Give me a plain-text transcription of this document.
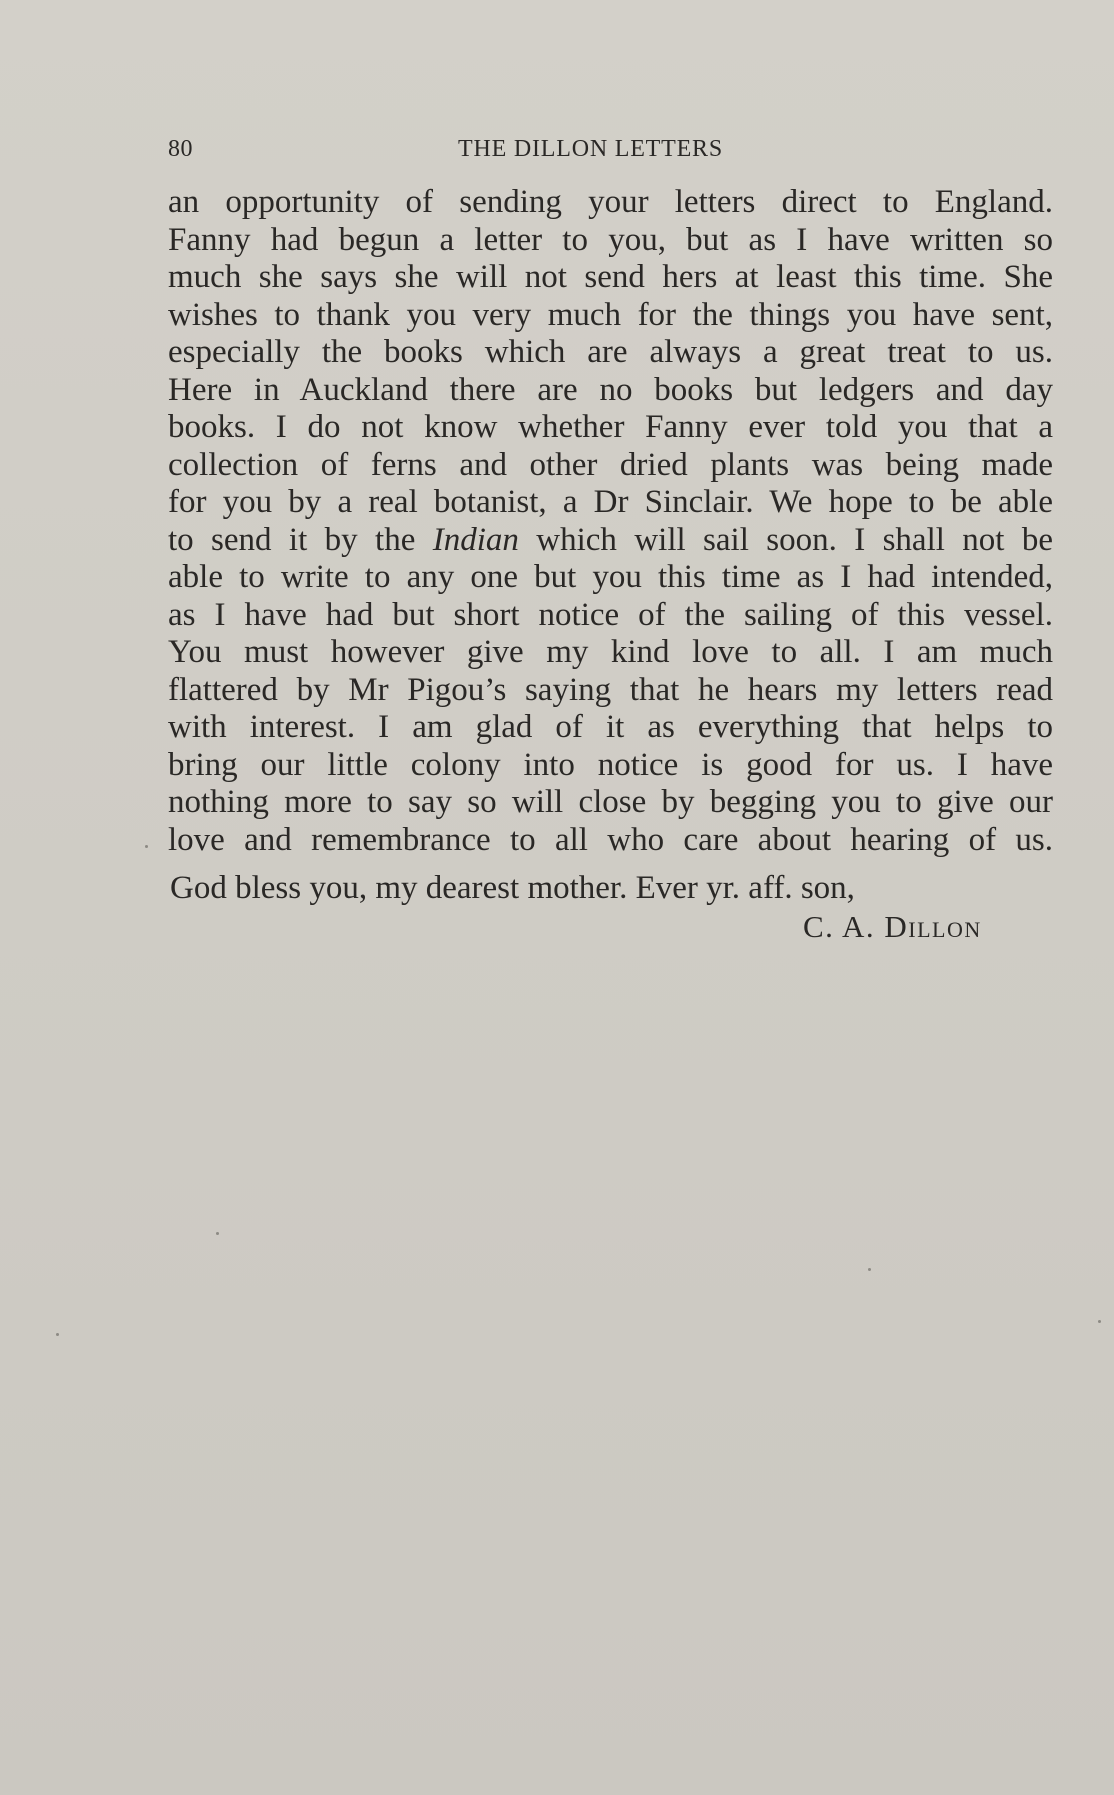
80	THE DILLON LETTERS
an opportunity of sending your letters direct to England.
Fanny had begun a letter to you, but as I have written so
much she says she will not send hers at least this time. She
wishes to thank you very much for the things you have sent,
especially the books which are always a great treat to us.
Here in Auckland there are no books but ledgers and day
books. I do not know whether Fanny ever told you that a
collection of ferns and other dried plants was being made
for you by a real botanist, a Dr Sinclair. We hope to be able
to send it by the Indian which will sail soon. I shall not be
able to write to any one but you this time as I had intended,
as I have had but short notice of the sailing of this vessel.
You must however give my kind love to all. I am much
flattered by Mr Pigou’s saying that he hears my letters read
with interest. I am glad of it as everything that helps to
bring our little colony into notice is good for us. I have
nothing more to say so will close by begging you to give our
love and remembrance to all who care about hearing of us.
God bless you, my dearest mother. Ever yr. aff. son,
C. A. Dillon
